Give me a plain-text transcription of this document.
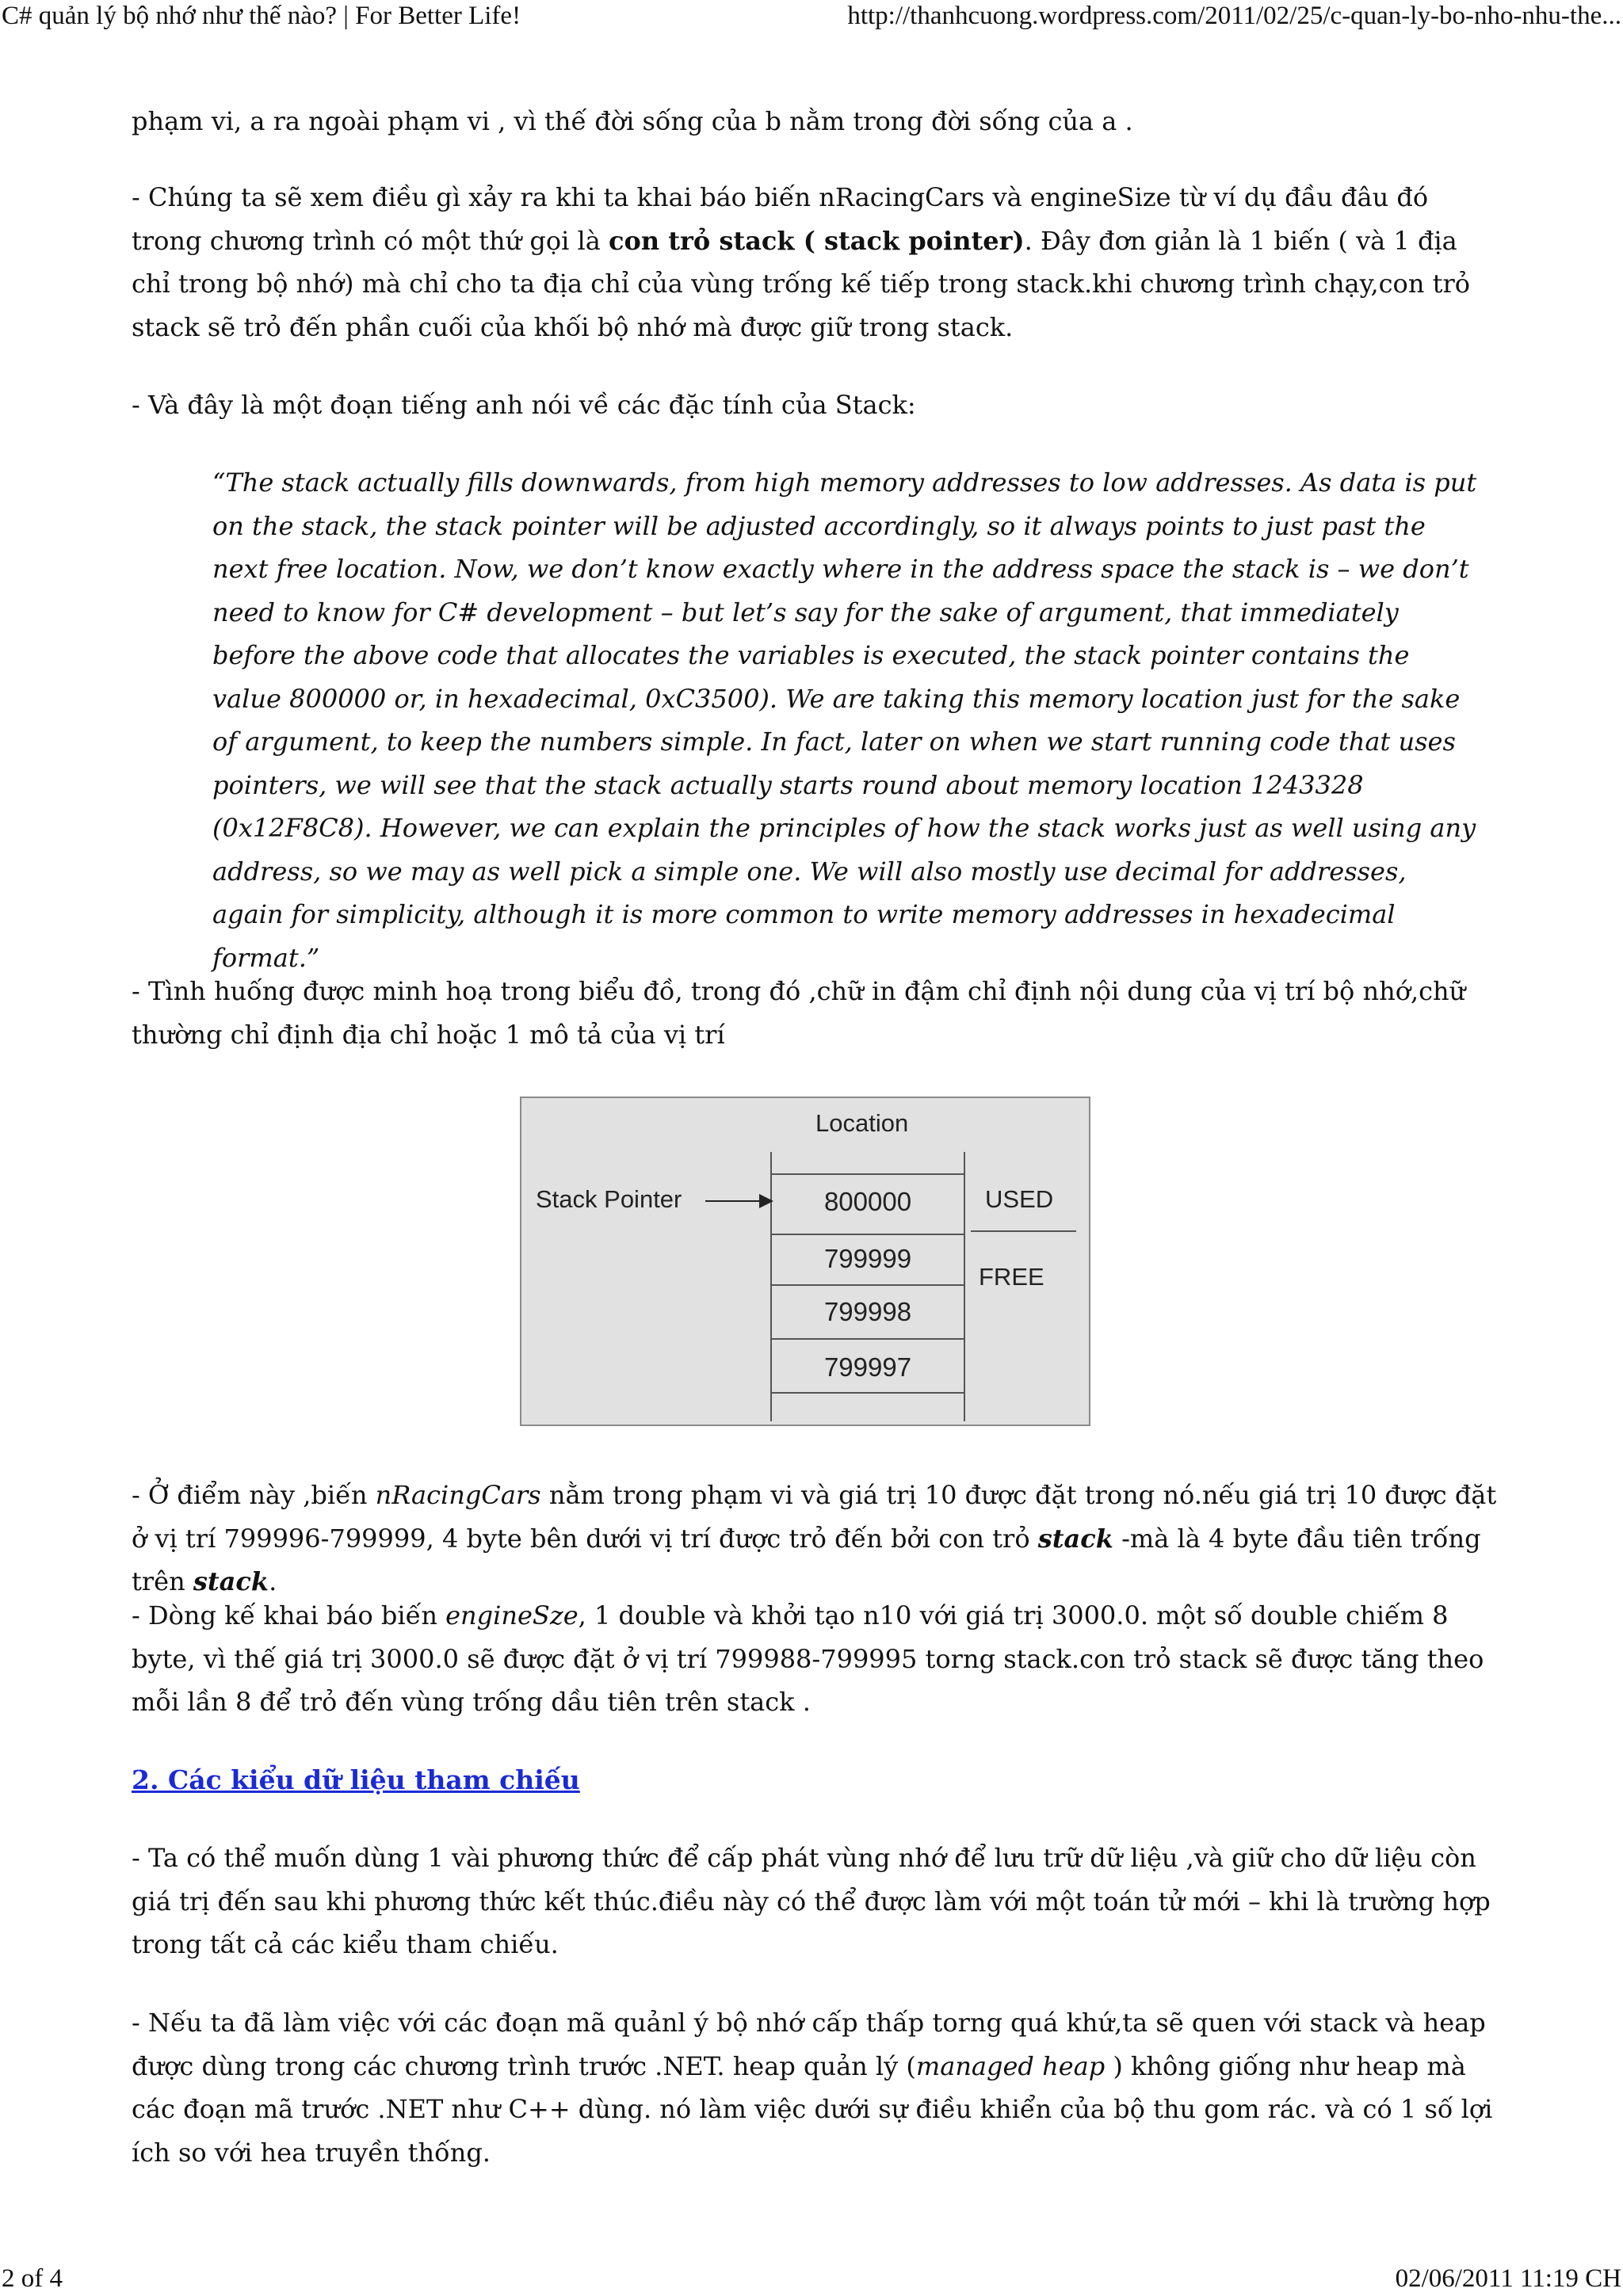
C# quản lý bộ nhớ như thế nào? | For Better Life!	http://thanhcuong.wordpress.com/2011/02/25/c-quan-ly-bo-nho-nhu-the...

phạm vi, a ra ngoài phạm vi , vì thế đời sống của b nằm trong đời sống của a .

- Chúng ta sẽ xem điều gì xảy ra khi ta khai báo biến nRacingCars và engineSize từ ví dụ đầu đâu đó trong chương trình có một thứ gọi là con trỏ stack ( stack pointer). Đây đơn giản là 1 biến ( và 1 địa chỉ trong bộ nhớ) mà chỉ cho ta địa chỉ của vùng trống kế tiếp trong stack.khi chương trình chạy,con trỏ stack sẽ trỏ đến phần cuối của khối bộ nhớ mà được giữ trong stack.

- Và đây là một đoạn tiếng anh nói về các đặc tính của Stack:

“The stack actually fills downwards, from high memory addresses to low addresses. As data is put on the stack, the stack pointer will be adjusted accordingly, so it always points to just past the next free location. Now, we don’t know exactly where in the address space the stack is – we don’t need to know for C# development – but let’s say for the sake of argument, that immediately before the above code that allocates the variables is executed, the stack pointer contains the value 800000 or, in hexadecimal, 0xC3500). We are taking this memory location just for the sake of argument, to keep the numbers simple. In fact, later on when we start running code that uses pointers, we will see that the stack actually starts round about memory location 1243328 (0x12F8C8). However, we can explain the principles of how the stack works just as well using any address, so we may as well pick a simple one. We will also mostly use decimal for addresses, again for simplicity, although it is more common to write memory addresses in hexadecimal format.”

- Tình huống được minh hoạ trong biểu đồ, trong đó ,chữ in đậm chỉ định nội dung của vị trí bộ nhớ,chữ thường chỉ định địa chỉ hoặc 1 mô tả của vị trí

- Ở điểm này ,biến nRacingCars nằm trong phạm vi và giá trị 10 được đặt trong nó.nếu giá trị 10 được đặt ở vị trí 799996-799999, 4 byte bên dưới vị trí được trỏ đến bởi con trỏ stack -mà là 4 byte đầu tiên trống trên stack.

- Dòng kế khai báo biến engineSze, 1 double và khởi tạo n10 với giá trị 3000.0. một số double chiếm 8 byte, vì thế giá trị 3000.0 sẽ được đặt ở vị trí 799988-799995 torng stack.con trỏ stack sẽ được tăng theo mỗi lần 8 để trỏ đến vùng trống dầu tiên trên stack .

2. Các kiểu dữ liệu tham chiếu

- Ta có thể muốn dùng 1 vài phương thức để cấp phát vùng nhớ để lưu trữ dữ liệu ,và giữ cho dữ liệu còn giá trị đến sau khi phương thức kết thúc.điều này có thể được làm với một toán tử mới – khi là trường hợp trong tất cả các kiểu tham chiếu.

- Nếu ta đã làm việc với các đoạn mã quảnl ý bộ nhớ cấp thấp torng quá khứ,ta sẽ quen với stack và heap được dùng trong các chương trình trước .NET. heap quản lý (managed heap ) không giống như heap mà các đoạn mã trước .NET như C++ dùng. nó làm việc dưới sự điều khiển của bộ thu gom rác. và có 1 số lợi ích so với hea truyền thống.

Location
Stack Pointer	USED
FREE
800000
799999
799998
799997
2 of 4	02/06/2011 11:19 CH
